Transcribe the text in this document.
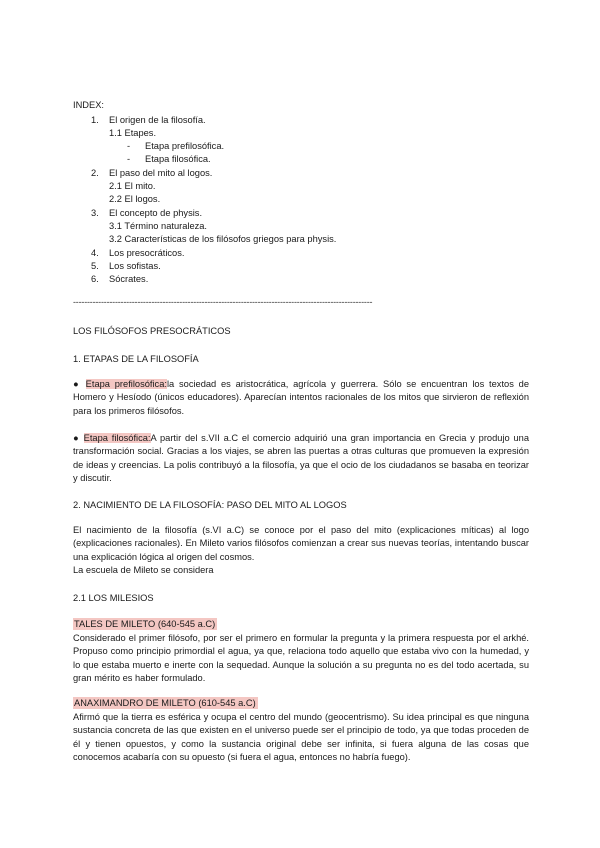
INDEX:
1. El origen de la filosofía.
1.1 Etapes.
- Etapa prefilosófica.
- Etapa filosófica.
2. El paso del mito al logos.
2.1 El mito.
2.2 El logos.
3. El concepto de physis.
3.1 Término naturaleza.
3.2 Características de los filósofos griegos para physis.
4. Los presocráticos.
5. Los sofistas.
6. Sócrates.
-----------------------------------------------------------------------------------------------------------
LOS FILÓSOFOS PRESOCRÁTICOS
1. ETAPAS DE LA FILOSOFÍA

● Etapa prefilosófica:la sociedad es aristocrática, agrícola y guerrera. Sólo se encuentran los textos de Homero y Hesíodo (únicos educadores). Aparecían intentos racionales de los mitos que sirvieron de reflexión para los primeros filósofos.

● Etapa filosófica:A partir del s.VII a.C el comercio adquirió una gran importancia en Grecia y produjo una transformación social. Gracias a los viajes, se abren las puertas a otras culturas que promueven la expresión de ideas y creencias. La polis contribuyó a la filosofía, ya que el ocio de los ciudadanos se basaba en teorizar y discutir.

2. NACIMIENTO DE LA FILOSOFÍA: PASO DEL MITO AL LOGOS

El nacimiento de la filosofía (s.VI a.C) se conoce por el paso del mito (explicaciones míticas) al logo (explicaciones racionales). En Mileto varios filósofos comienzan a crear sus nuevas teorías, intentando buscar una explicación lógica al origen del cosmos.

La escuela de Mileto se considera

2.1 LOS MILESIOS
TALES DE MILETO (640-545 a.C)

Considerado el primer filósofo, por ser el primero en formular la pregunta y la primera respuesta por el arkhé. Propuso como principio primordial el agua, ya que, relaciona todo aquello que estaba vivo con la humedad, y lo que estaba muerto e inerte con la sequedad. Aunque la solución a su pregunta no es del todo acertada, su gran mérito es haber formulado.

ANAXIMANDRO DE MILETO (610-545 a.C)

Afirmó que la tierra es esférica y ocupa el centro del mundo (geocentrismo). Su idea principal es que ninguna sustancia concreta de las que existen en el universo puede ser el principio de todo, ya que todas proceden de él y tienen opuestos, y como la sustancia original debe ser infinita, si fuera alguna de las cosas que conocemos acabaría con su opuesto (si fuera el agua, entonces no habría fuego).
